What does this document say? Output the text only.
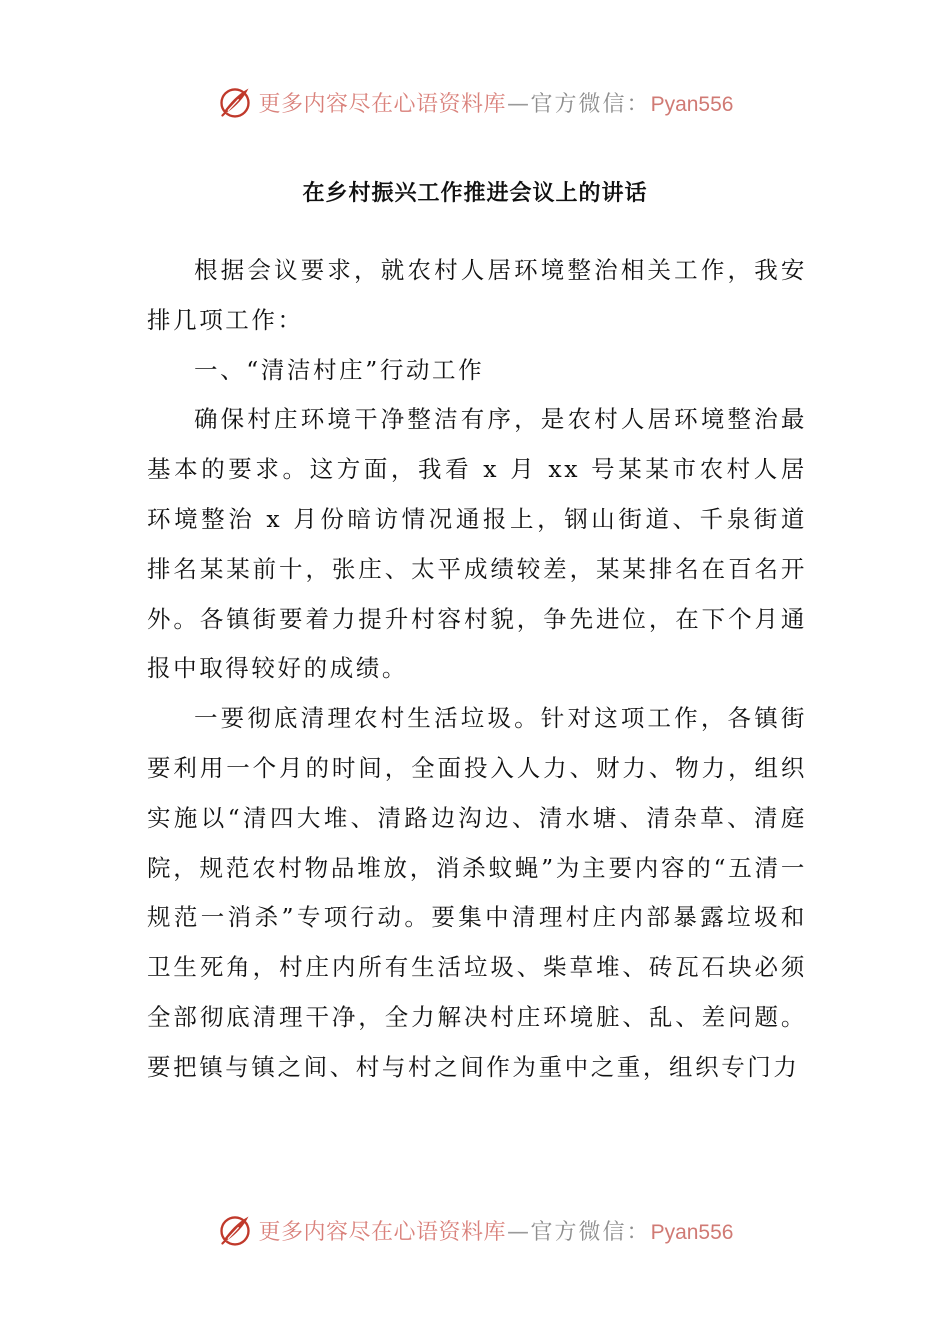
更多内容尽在心语资料库 — 官方微信： Pyan556
在乡村振兴工作推进会议上的讲话

根据会议要求，就农村人居环境整治相关工作，我安排几项工作：

一、“清洁村庄”行动工作

确保村庄环境干净整洁有序，是农村人居环境整治最基本的要求。这方面，我看 x 月 xx 号某某市农村人居环境整治 x 月份暗访情况通报上，钢山街道、千泉街道排名某某前十，张庄、太平成绩较差，某某排名在百名开外。各镇街要着力提升村容村貌，争先进位，在下个月通报中取得较好的成绩。

一要彻底清理农村生活垃圾。针对这项工作，各镇街要利用一个月的时间，全面投入人力、财力、物力，组织实施以“清四大堆、清路边沟边、清水塘、清杂草、清庭院，规范农村物品堆放，消杀蚊蝇”为主要内容的“五清一规范一消杀”专项行动。要集中清理村庄内部暴露垃圾和卫生死角，村庄内所有生活垃圾、柴草堆、砖瓦石块必须全部彻底清理干净，全力解决村庄环境脏、乱、差问题。要把镇与镇之间、村与村之间作为重中之重，组织专门力

更多内容尽在心语资料库 — 官方微信： Pyan556
